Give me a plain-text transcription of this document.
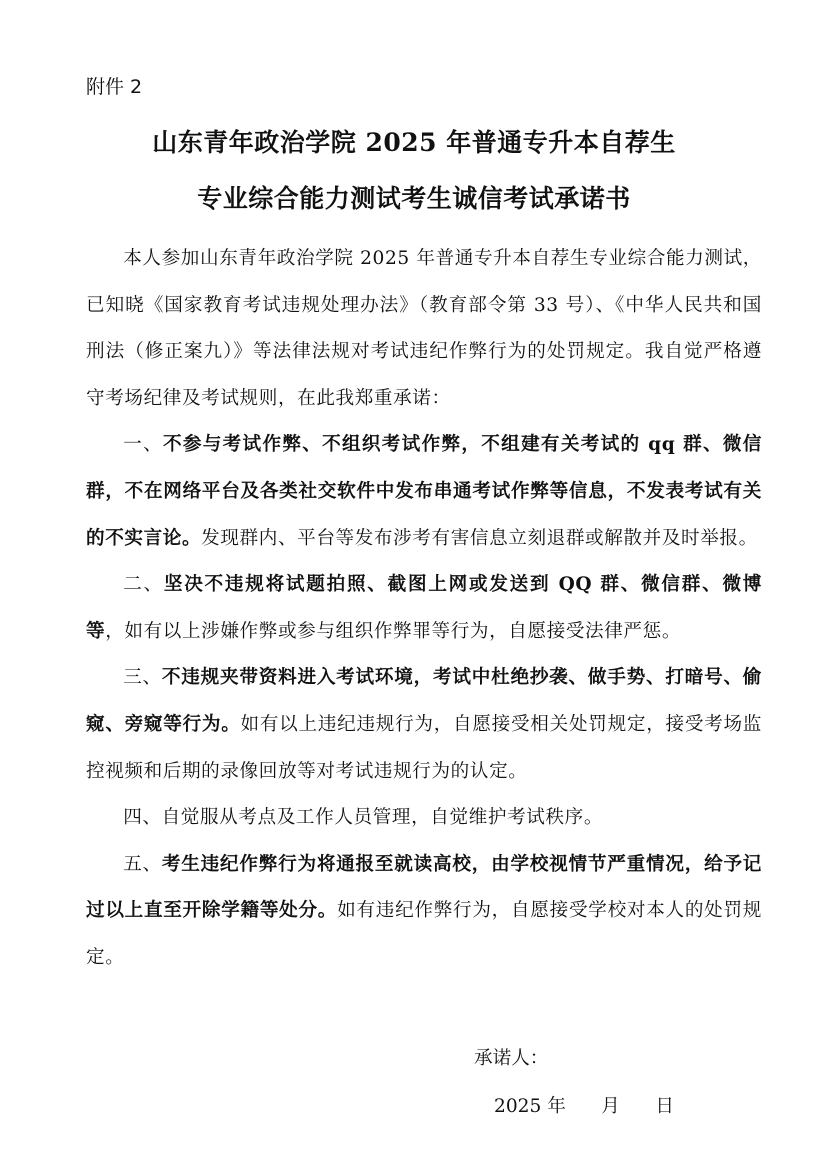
附件 2
山东青年政治学院 2025 年普通专升本自荐生
专业综合能力测试考生诚信考试承诺书

本人参加山东青年政治学院 2025 年普通专升本自荐生专业综合能力测试，已知晓《国家教育考试违规处理办法》（教育部令第 33 号）、《中华人民共和国刑法（修正案九）》等法律法规对考试违纪作弊行为的处罚规定。我自觉严格遵守考场纪律及考试规则，在此我郑重承诺：

一、不参与考试作弊、不组织考试作弊，不组建有关考试的 qq 群、微信群，不在网络平台及各类社交软件中发布串通考试作弊等信息，不发表考试有关的不实言论。发现群内、平台等发布涉考有害信息立刻退群或解散并及时举报。

二、坚决不违规将试题拍照、截图上网或发送到 QQ 群、微信群、微博等，如有以上涉嫌作弊或参与组织作弊罪等行为，自愿接受法律严惩。

三、不违规夹带资料进入考试环境，考试中杜绝抄袭、做手势、打暗号、偷窥、旁窥等行为。如有以上违纪违规行为，自愿接受相关处罚规定，接受考场监控视频和后期的录像回放等对考试违规行为的认定。

四、自觉服从考点及工作人员管理，自觉维护考试秩序。

五、考生违纪作弊行为将通报至就读高校，由学校视情节严重情况，给予记过以上直至开除学籍等处分。如有违纪作弊行为，自愿接受学校对本人的处罚规定。

承诺人：
2025 年      月      日
